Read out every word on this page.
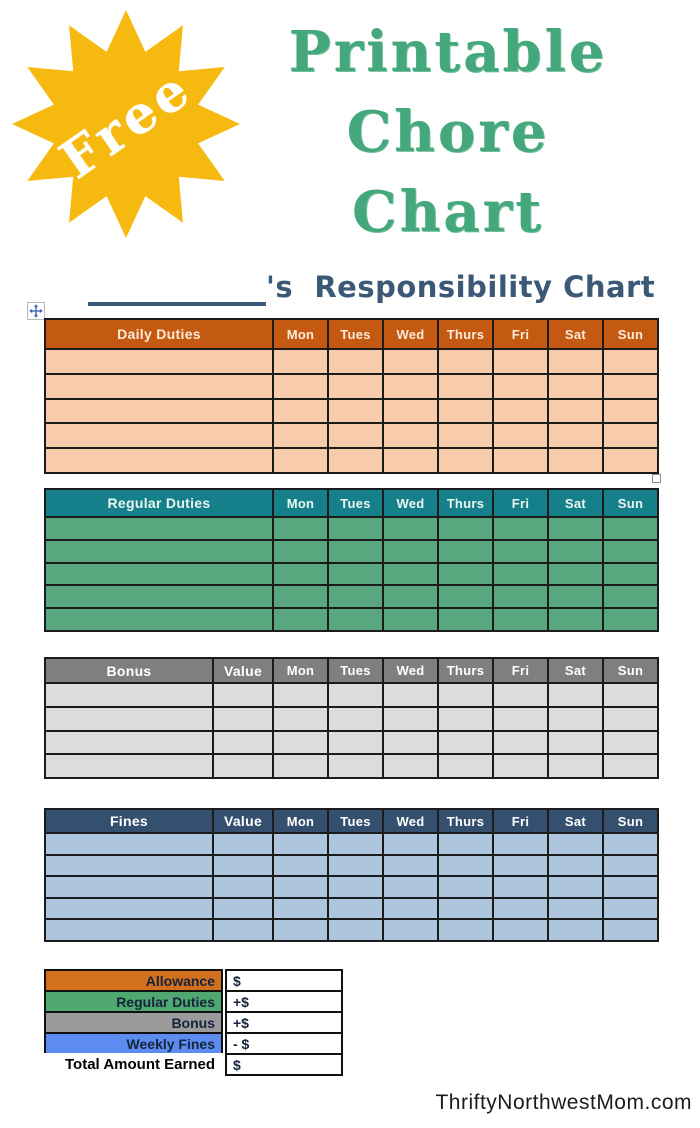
Free
Printable
Chore
Chart
's  Responsibility Chart
Daily Duties	Mon	Tues	Wed	Thurs	Fri	Sat	Sun

Regular Duties	Mon	Tues	Wed	Thurs	Fri	Sat	Sun

Bonus	Value	Mon	Tues	Wed	Thurs	Fri	Sat	Sun

Fines	Value	Mon	Tues	Wed	Thurs	Fri	Sat	Sun

Allowance	$
Regular Duties	+$
Bonus	+$
Weekly Fines	- $
Total Amount Earned	$
ThriftyNorthwestMom.com
